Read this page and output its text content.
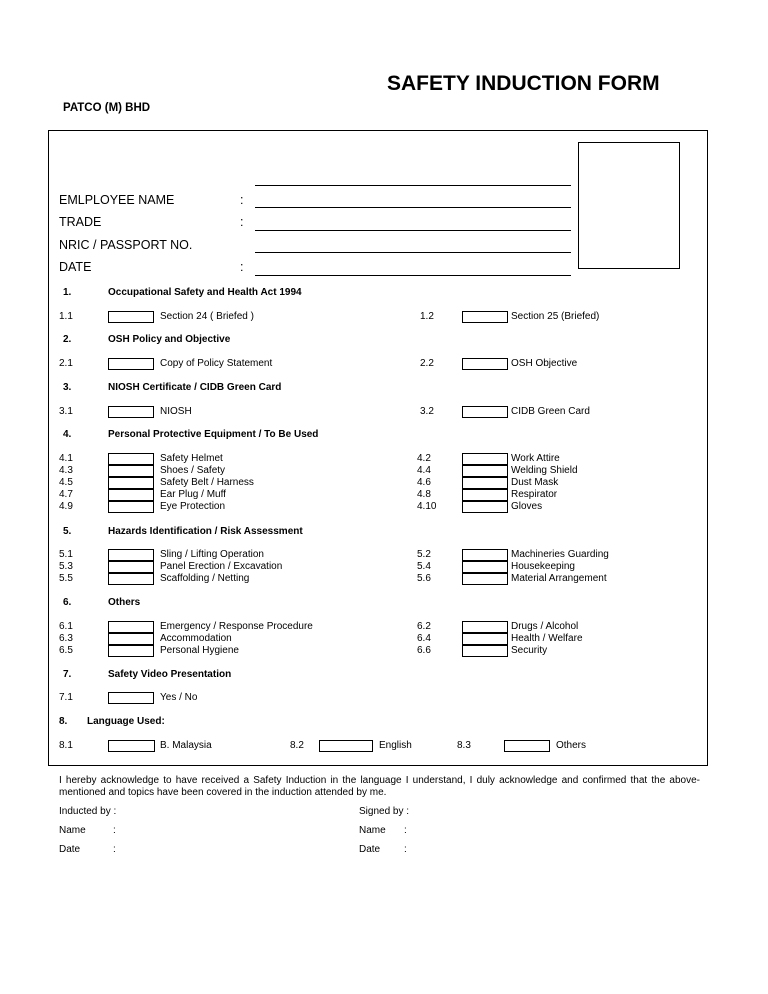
SAFETY INDUCTION FORM
PATCO (M) BHD
EMLPLOYEE NAME	:
TRADE	:
NRIC / PASSPORT NO.
DATE	:
1.	Occupational Safety and Health Act 1994
1.1	Section 24 ( Briefed )	1.2	Section 25 (Briefed)
2.	OSH Policy and Objective
2.1	Copy of Policy Statement	2.2	OSH Objective
3.	NIOSH Certificate / CIDB Green Card
3.1	NIOSH	3.2	CIDB Green Card
4.	Personal Protective Equipment / To Be Used
4.1	Safety Helmet	4.2	Work Attire
4.3	Shoes / Safety	4.4	Welding Shield
4.5	Safety Belt / Harness	4.6	Dust Mask
4.7	Ear Plug / Muff	4.8	Respirator
4.9	Eye Protection	4.10	Gloves
5.	Hazards Identification / Risk Assessment
5.1	Sling / Lifting Operation	5.2	Machineries Guarding
5.3	Panel Erection / Excavation	5.4	Housekeeping
5.5	Scaffolding / Netting	5.6	Material Arrangement
6.	Others
6.1	Emergency / Response Procedure	6.2	Drugs / Alcohol
6.3	Accommodation	6.4	Health / Welfare
6.5	Personal Hygiene	6.6	Security
7.	Safety Video Presentation
7.1	Yes / No
8. Language Used:
8.1	B. Malaysia	8.2	English	8.3	Others
I hereby acknowledge to have received a Safety Induction in the language I understand, I duly acknowledge and confirmed that the above-mentioned and topics have been covered in the induction attended by me.
Inducted by :
Name	:
Date	:
Signed by :
Name :
Date :
